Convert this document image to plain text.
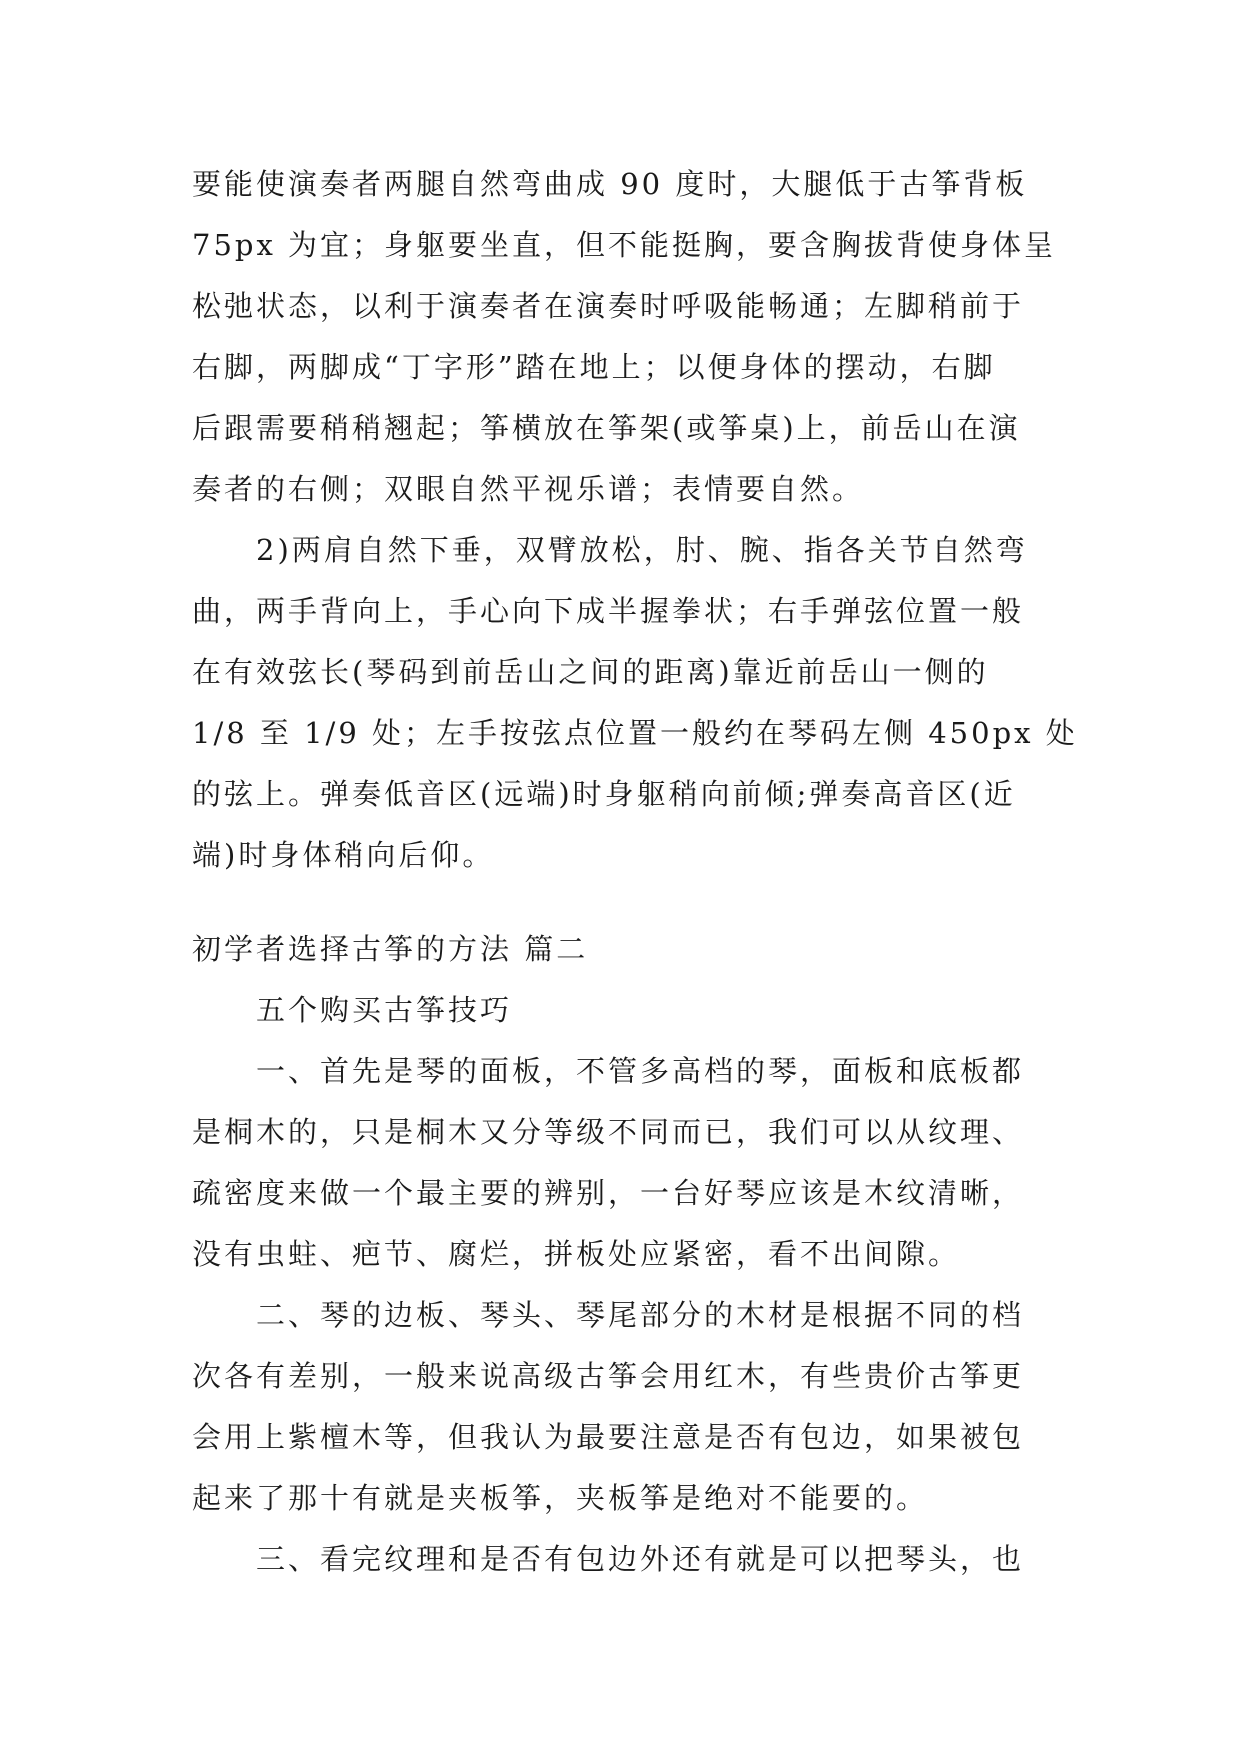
要能使演奏者两腿自然弯曲成 90 度时，大腿低于古筝背板
75px 为宜；身躯要坐直，但不能挺胸，要含胸拔背使身体呈
松弛状态，以利于演奏者在演奏时呼吸能畅通；左脚稍前于
右脚，两脚成“丁字形”踏在地上；以便身体的摆动，右脚
后跟需要稍稍翘起；筝横放在筝架(或筝桌)上，前岳山在演
奏者的右侧；双眼自然平视乐谱；表情要自然。
2)两肩自然下垂，双臂放松，肘、腕、指各关节自然弯
曲，两手背向上，手心向下成半握拳状；右手弹弦位置一般
在有效弦长(琴码到前岳山之间的距离)靠近前岳山一侧的
1/8 至 1/9 处；左手按弦点位置一般约在琴码左侧 450px 处
的弦上。弹奏低音区(远端)时身躯稍向前倾;弹奏高音区(近
端)时身体稍向后仰。
初学者选择古筝的方法 篇二
五个购买古筝技巧
一、首先是琴的面板，不管多高档的琴，面板和底板都
是桐木的，只是桐木又分等级不同而已，我们可以从纹理、
疏密度来做一个最主要的辨别，一台好琴应该是木纹清晰，
没有虫蛀、疤节、腐烂，拼板处应紧密，看不出间隙。
二、琴的边板、琴头、琴尾部分的木材是根据不同的档
次各有差别，一般来说高级古筝会用红木，有些贵价古筝更
会用上紫檀木等，但我认为最要注意是否有包边，如果被包
起来了那十有就是夹板筝，夹板筝是绝对不能要的。
三、看完纹理和是否有包边外还有就是可以把琴头，也
